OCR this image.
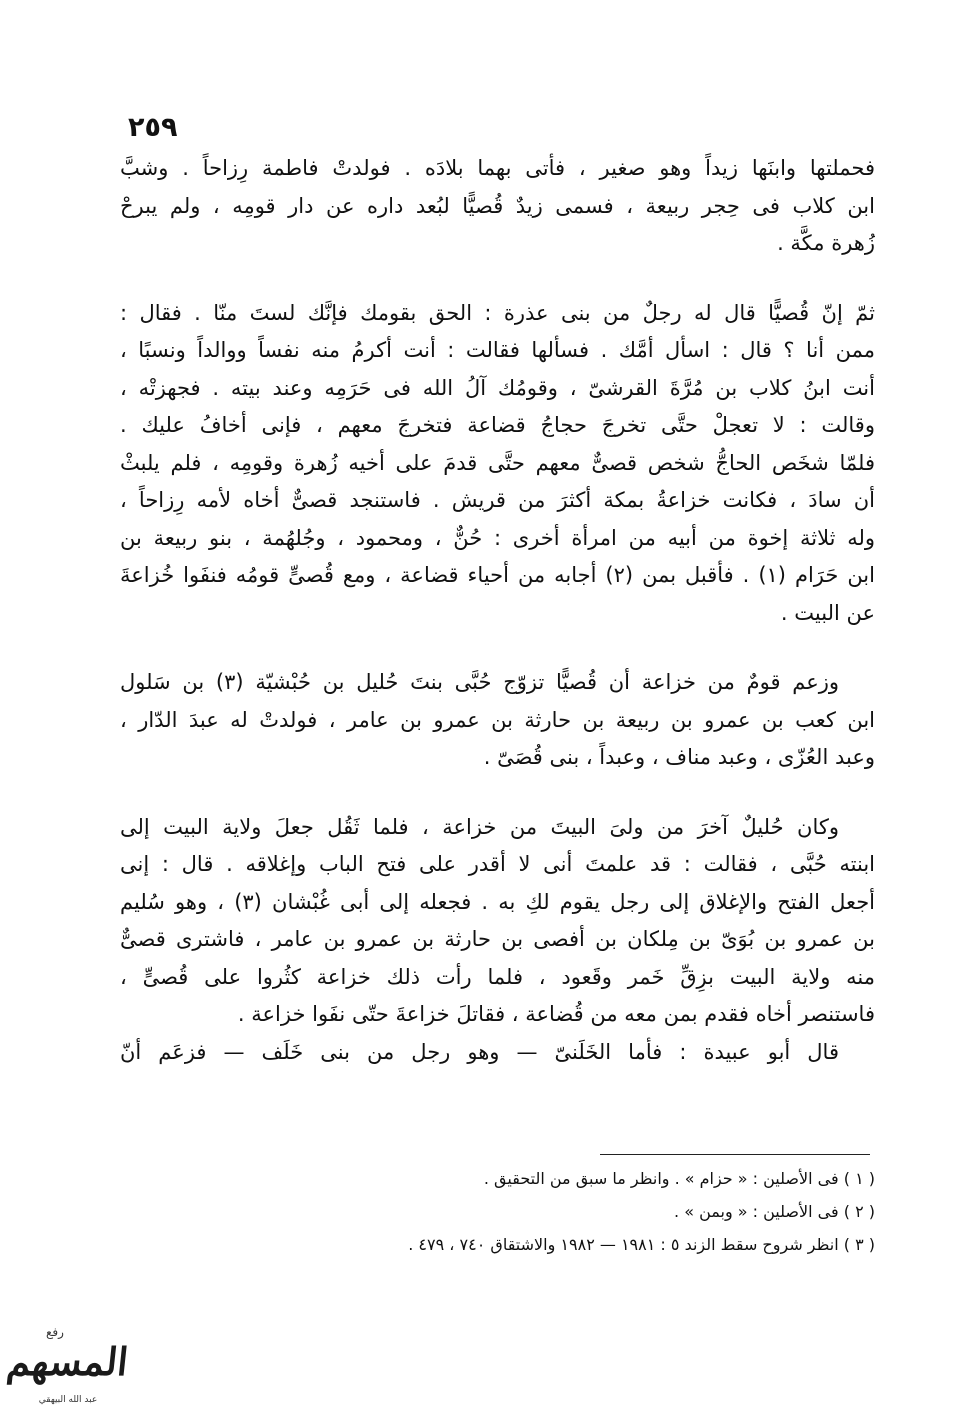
٢٥٩

فحملتها وابنَها زيداً وهو صغير ، فأتى بهما بلادَه . فولدتْ فاطمة رِزاحاً . وشبَّ
ابن كلاب فى حِجر ربيعة ، فسمى زيدٌ قُصيًّا لبُعد داره عن دار قومِه ، ولم يبرحْ
زُهرة مكَّة .

ثمّ إنّ قُصيًّا قال له رجلٌ من بنى عذرة : الحق بقومك فإنَّك لستَ منّا . فقال :
ممن أنا ؟ قال : اسأل أمَّك . فسألها فقالت : أنت أكرمُ منه نفساً ووالداً ونسبًا ،
أنت ابنُ كلاب بن مُرَّةَ القرشىّ ، وقومُك آلُ الله فى حَرَمِه وعند بيته . فجهزتْه ،
وقالت : لا تعجلْ حتَّى تخرجَ حجاجُ قضاعة فتخرجَ معهم ، فإنى أخافُ عليك .
فلمّا شخَص الحاجُّ شخص قصىٌّ معهم حتَّى قدمَ على أخيه زُهرة وقومِه ، فلم يلبثْ
أن سادَ ، فكانت خزاعةُ بمكة أكثرَ من قريش . فاستنجد قصىٌّ أخاه لأمه رِزاحاً ،
وله ثلاثة إخوة من أبيه من امرأة أخرى : حُنٌّ ، ومحمود ، وجُلهُمة ، بنو ربيعة بن
ابن حَرَام (١) . فأقبل بمن (٢) أجابه من أحياء قضاعة ، ومع قُصىٍّ قومُه فنفَوا خُزاعةَ
عن البيت .

وزعم قومٌ من خزاعة أن قُصيًّا تزوّج حُبَّى بنتَ حُليل بن حُبْشيّة (٣) بن سَلول
ابن كعب بن عمرو بن ربيعة بن حارثة بن عمرو بن عامر ، فولدتْ له عبدَ الدّار ،
وعبد العُزّى ، وعبد مناف ، وعبداً ، بنى قُصَىّ .

وكان حُليلٌ آخرَ من ولىَ البيتَ من خزاعة ، فلما ثَقُل جعلَ ولاية البيت إلى
ابنته حُبَّى ، فقالت : قد علمتَ أنى لا أقدر على فتح الباب وإغلاقه . قال : إنى
أجعل الفتح والإغلاق إلى رجل يقوم لكِ به . فجعله إلى أبى غُبْشان (٣) ، وهو سُليم
بن عمرو بن بُوَىّ بن مِلكان بن أفصى بن حارثة بن عمرو بن عامر ، فاشترى قصىٌّ
منه ولاية البيت بزِقِّ خَمر وقَعود ، فلما رأت ذلك خزاعة كثُروا على قُصىٍّ ،
فاستنصر أخاه فقدم بمن معه من قُضاعة ، فقاتلَ خزاعةَ حتّى نفَوا خزاعة .

قال أبو عبيدة : فأما الخَلَنىّ — وهو رجل من بنى خَلَف — فزعَم أنّ

( ١ ) فى الأصلين : « حزام » . وانظر ما سبق من التحقيق .
( ٢ ) فى الأصلين : « وبمن » .
( ٣ ) انظر شروح سقط الزند ٥ : ١٩٨١ — ١٩٨٢ والاشتقاق ٧٤٠ ، ٤٧٩ .
رفع
المسهم
عبد الله البيهقي
